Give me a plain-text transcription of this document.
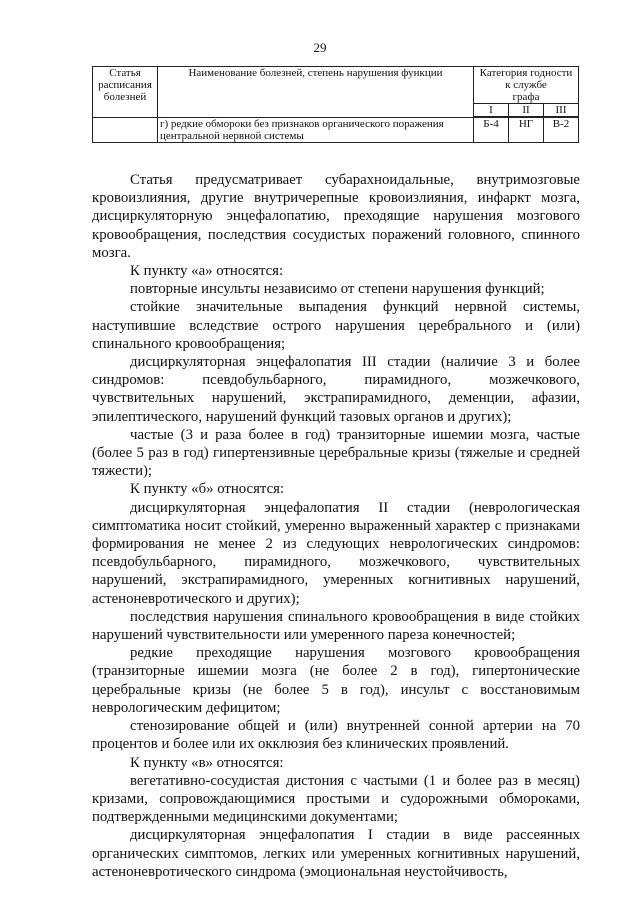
29
Статья расписания болезней	Наименование болезней, степень нарушения функции	Категория годности к службе
графа		
		I	II	III

	г) редкие обмороки без признаков органического поражения центральной нервной системы	Б-4	НГ	В-2

Статья предусматривает субарахноидальные, внутримозговые кровоизлияния, другие внутричерепные кровоизлияния, инфаркт мозга, дисциркуляторную энцефалопатию, преходящие нарушения мозгового кровообращения, последствия сосудистых поражений головного, спинного мозга.

К пункту «а» относятся:

повторные инсульты независимо от степени нарушения функций;

стойкие значительные выпадения функций нервной системы, наступившие вследствие острого нарушения церебрального и (или) спинального кровообращения;

дисциркуляторная энцефалопатия III стадии (наличие 3 и более синдромов: псевдобульбарного, пирамидного, мозжечкового, чувствительных нарушений, экстрапирамидного, деменции, афазии, эпилептического, нарушений функций тазовых органов и других);

частые (3 и раза более в год) транзиторные ишемии мозга, частые (более 5 раз в год) гипертензивные церебральные кризы (тяжелые и средней тяжести);

К пункту «б» относятся:

дисциркуляторная энцефалопатия II стадии (неврологическая симптоматика носит стойкий, умеренно выраженный характер с признаками формирования не менее 2 из следующих неврологических синдромов: псевдобульбарного, пирамидного, мозжечкового, чувствительных нарушений, экстрапирамидного, умеренных когнитивных нарушений, астеноневротического и других);

последствия нарушения спинального кровообращения в виде стойких нарушений чувствительности или умеренного пареза конечностей;

редкие преходящие нарушения мозгового кровообращения (транзиторные ишемии мозга (не более 2 в год), гипертонические церебральные кризы (не более 5 в год), инсульт с восстановимым неврологическим дефицитом;

стенозирование общей и (или) внутренней сонной артерии на 70 процентов и более или их окклюзия без клинических проявлений.

К пункту «в» относятся:

вегетативно-сосудистая дистония с частыми (1 и более раз в месяц) кризами, сопровождающимися простыми и судорожными обмороками, подтвержденными медицинскими документами;

дисциркуляторная энцефалопатия I стадии в виде рассеянных органических симптомов, легких или умеренных когнитивных нарушений, астеноневротического синдрома (эмоциональная неустойчивость,
